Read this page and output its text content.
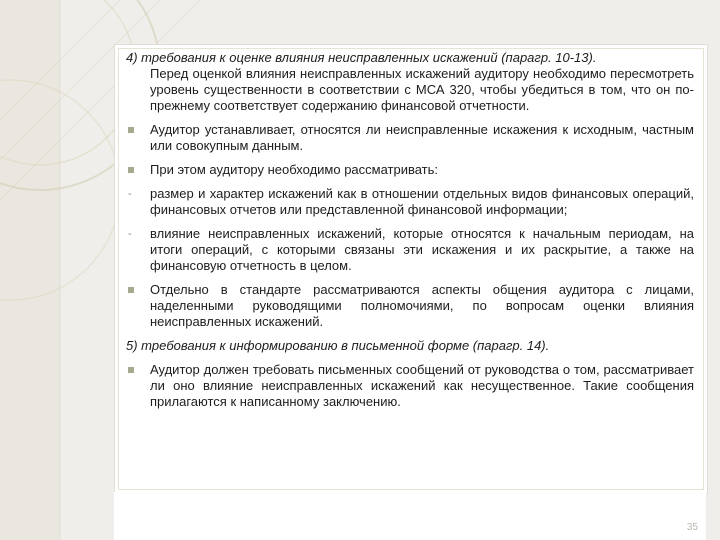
4) требования к оценке влияния неисправленных искажений (парагр. 10-13).
Перед оценкой влияния неисправленных искажений аудитору необходимо пересмотреть уровень существенности в соответствии с МСА 320, чтобы убедиться в том, что он по-прежнему соответствует содержанию финансовой отчетности.
Аудитор устанавливает, относятся ли неисправленные искажения к исходным, частным или совокупным данным.
При этом аудитору необходимо рассматривать:
-	размер и характер искажений как в отношении отдельных видов финансовых операций, финансовых отчетов или представленной финансовой информации;
-	влияние неисправленных искажений, которые относятся к начальным периодам, на итоги операций, с которыми связаны эти искажения и их раскрытие, а также на финансовую отчетность в целом.
Отдельно в стандарте рассматриваются аспекты общения аудитора с лицами, наделенными руководящими полномочиями, по вопросам оценки влияния неисправленных искажений.
5) требования к информированию в письменной форме (парагр. 14).
Аудитор должен требовать письменных сообщений от руководства о том, рассматривает ли оно влияние неисправленных искажений как несущественное. Такие сообщения прилагаются к написанному заключению.
35
